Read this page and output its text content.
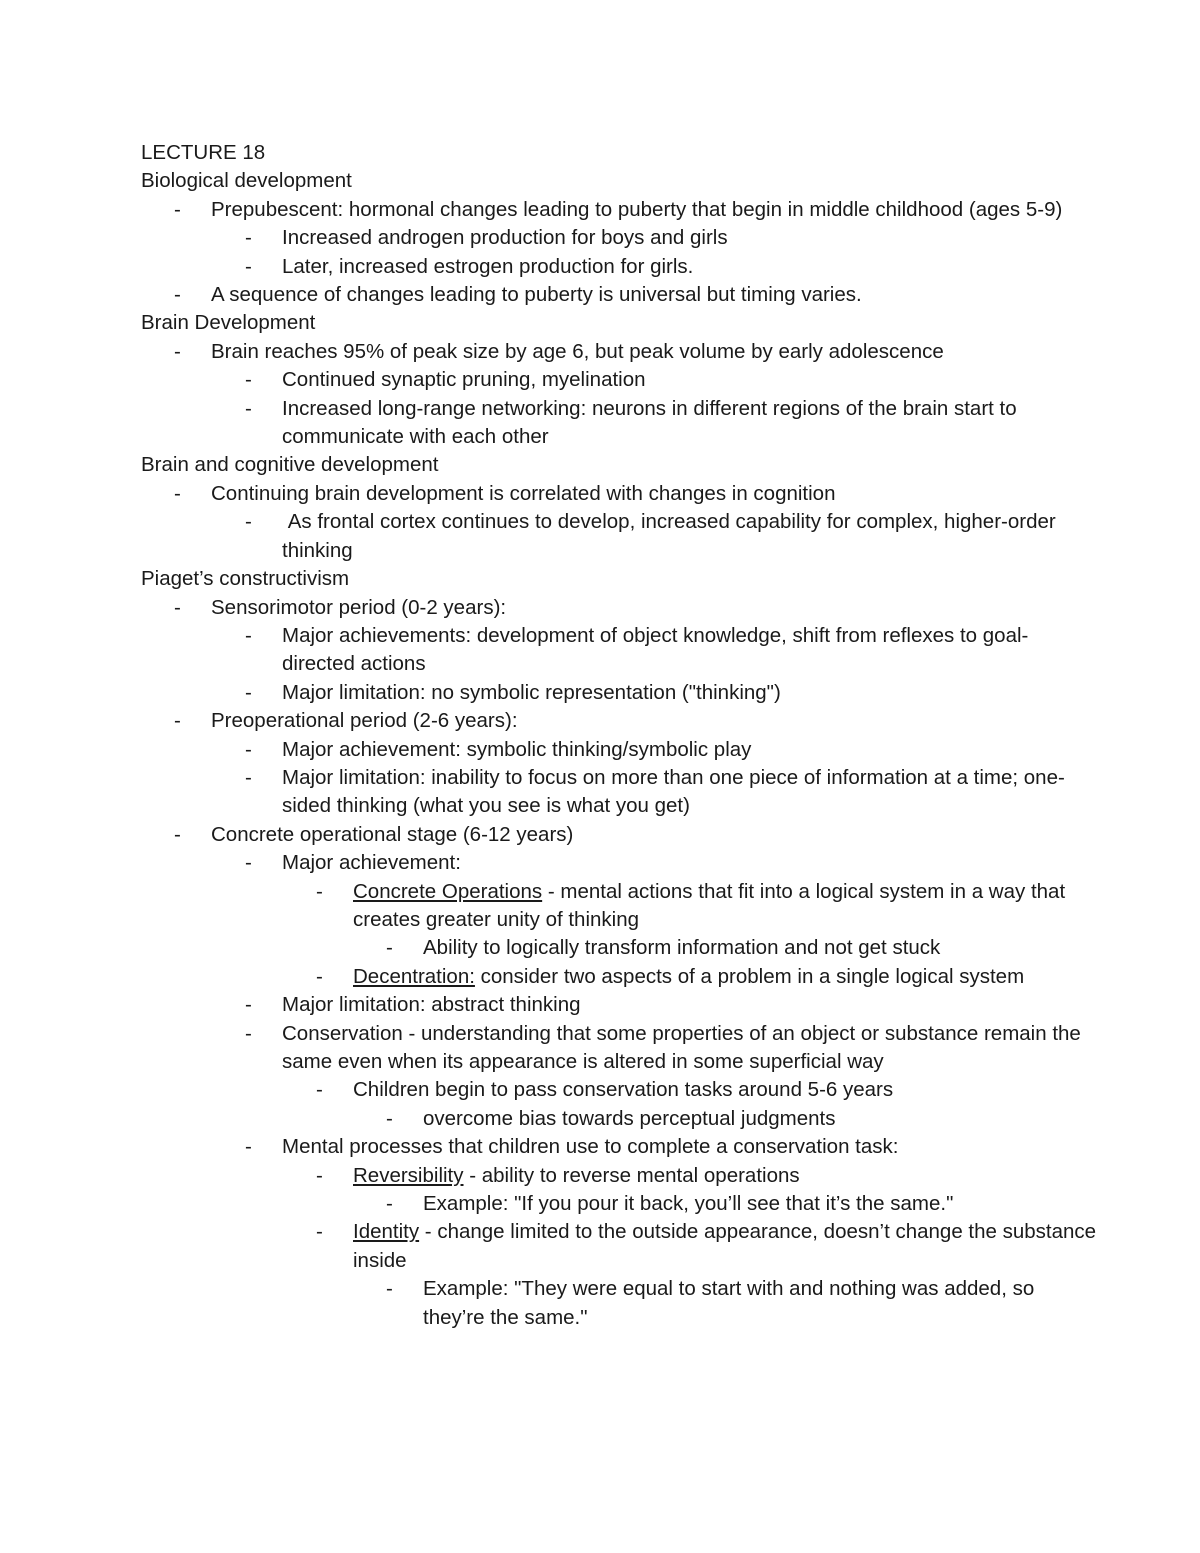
LECTURE 18
Biological development
- Prepubescent: hormonal changes leading to puberty that begin in middle childhood (ages 5-9)
- Increased androgen production for boys and girls
- Later, increased estrogen production for girls.
- A sequence of changes leading to puberty is universal but timing varies.
Brain Development
- Brain reaches 95% of peak size by age 6, but peak volume by early adolescence
- Continued synaptic pruning, myelination
- Increased long-range networking: neurons in different regions of the brain start to communicate with each other
Brain and cognitive development
- Continuing brain development is correlated with changes in cognition
- As frontal cortex continues to develop, increased capability for complex, higher-order thinking
Piaget’s constructivism
- Sensorimotor period (0-2 years):
- Major achievements: development of object knowledge, shift from reflexes to goal-directed actions
- Major limitation: no symbolic representation ("thinking")
- Preoperational period (2-6 years):
- Major achievement: symbolic thinking/symbolic play
- Major limitation: inability to focus on more than one piece of information at a time; one-sided thinking (what you see is what you get)
- Concrete operational stage (6-12 years)
- Major achievement:
- Concrete Operations - mental actions that fit into a logical system in a way that creates greater unity of thinking
- Ability to logically transform information and not get stuck
- Decentration: consider two aspects of a problem in a single logical system
- Major limitation: abstract thinking
- Conservation - understanding that some properties of an object or substance remain the same even when its appearance is altered in some superficial way
- Children begin to pass conservation tasks around 5-6 years
- overcome bias towards perceptual judgments
- Mental processes that children use to complete a conservation task:
- Reversibility - ability to reverse mental operations
- Example: "If you pour it back, you’ll see that it’s the same."
- Identity - change limited to the outside appearance, doesn’t change the substance inside
- Example: "They were equal to start with and nothing was added, so they’re the same."
